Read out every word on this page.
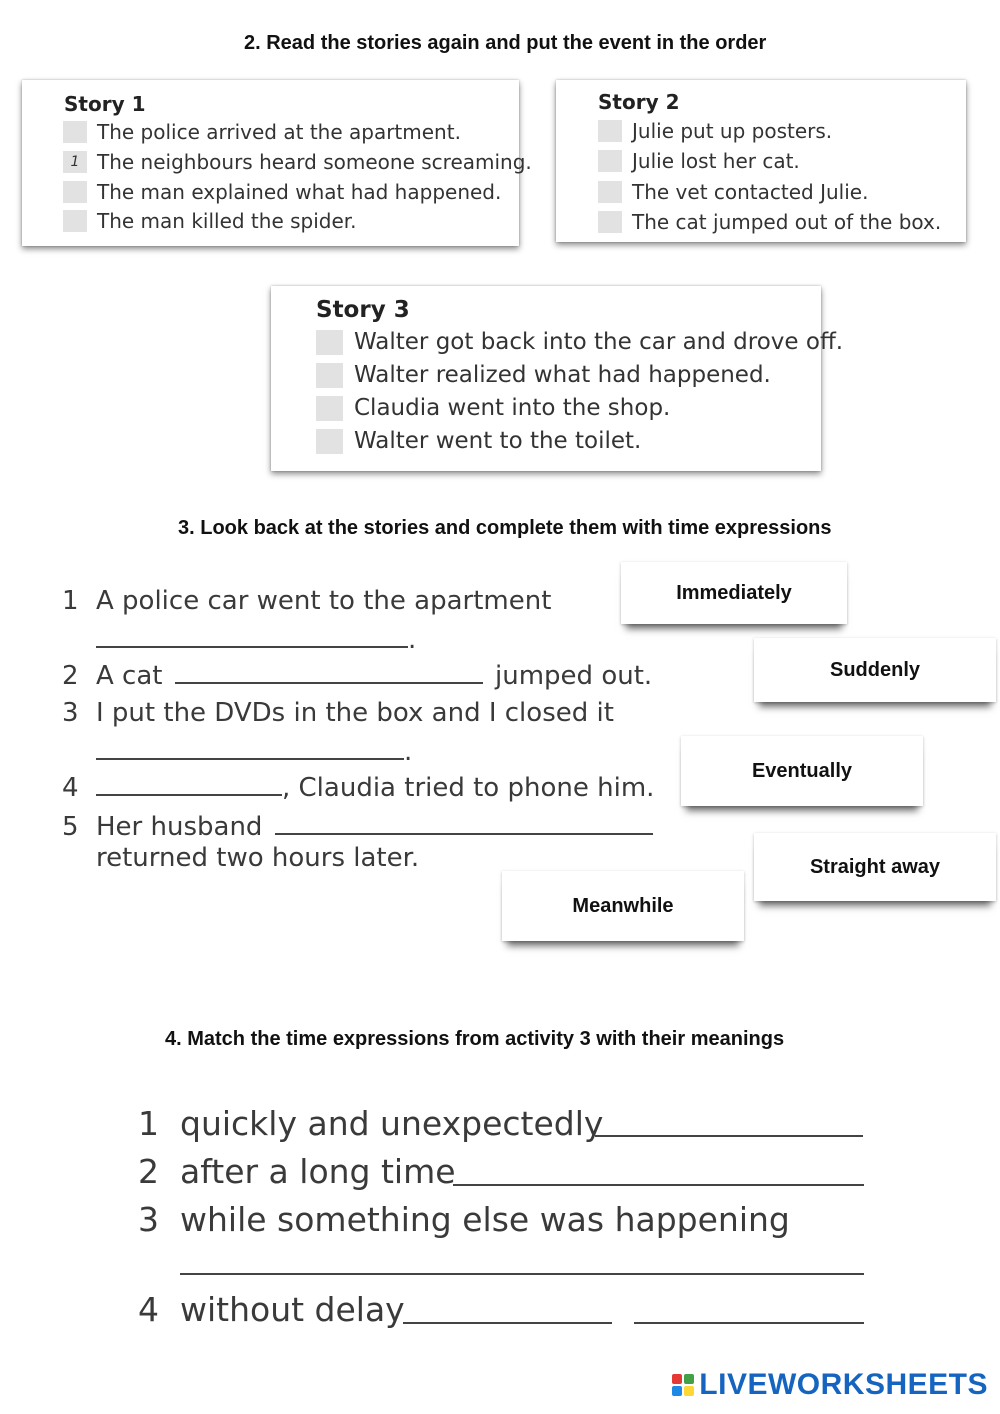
2. Read the stories again and put the event in the order
Story 1
The police arrived at the apartment.
1 The neighbours heard someone screaming.
The man explained what had happened.
The man killed the spider.
Story 2
Julie put up posters.
Julie lost her cat.
The vet contacted Julie.
The cat jumped out of the box.
Story 3
Walter got back into the car and drove off.
Walter realized what had happened.
Claudia went into the shop.
Walter went to the toilet.
3. Look back at the stories and complete them with time expressions
1 A police car went to the apartment
.
2 A cat	jumped out.
3 I put the DVDs in the box and I closed it
.
4	, Claudia tried to phone him.
5 Her husband
returned two hours later.
Immediately
Suddenly
Eventually
Straight away
Meanwhile
4. Match the time expressions from activity 3 with their meanings
1 quickly and unexpectedly
2 after a long time
3 while something else was happening
4 without delay
LIVEWORKSHEETS
